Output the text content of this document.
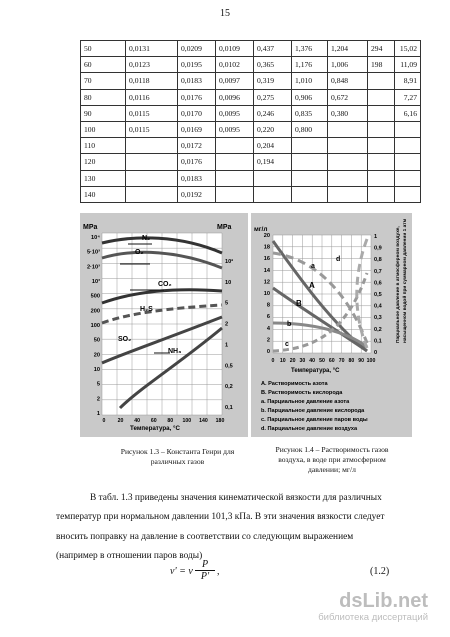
15
50	0,0131	0,0209	0,0109	0,437	1,376	1,204	294	15,02
60	0,0123	0,0195	0,0102	0,365	1,176	1,006	198	11,09
70	0,0118	0,0183	0,0097	0,319	1,010	0,848		8,91
80	0,0116	0,0176	0,0096	0,275	0,906	0,672		7,27
90	0,0115	0,0170	0,0095	0,246	0,835	0,380		6,16
100	0,0115	0,0169	0,0095	0,220	0,800			
110		0,0172		0,204				
120		0,0176		0,194				
130		0,0183						
140		0,0192						
MPa	MPa
10⁴
5·10³
2·10³
10³
500
200
100
50
20
10
5
2
1
10²
10
5
2
1
0,5
0,2
0,1
0 20 40 60 80 100 140 180
N₂
O₂
CO₂
H₂S
SO₂
NH₃
Температура, °C
мг/л
20
18
16
14
12
10
8
6
4
2
0
1
0,9
0,8
0,7
0,6
0,5
0,4
0,3
0,2
0,1
0
0 10 20 30 40 50 60 70 80 90 100
a
A
B
b
c
d
Температура, °C
Парциальное давление в атмосферном воздухе, насыщенном водой при суммарном давлении 1 атм
A. Растворимость азота
B. Растворимость кислорода
a. Парциальное давление азота
b. Парциальное давление кислорода
c. Парциальное давление паров воды
d. Парциальное давление воздуха
Рисунок 1.3 – Константа Генри для
различных газов
Рисунок 1.4 – Растворимость газов
воздуха, в воде при атмосферном
давлении; мг/л
В табл. 1.3 приведены значения кинематической вязкости для различных
температур при нормальном давлении 101,3 кПа. В эти значения вязкости следует
вносить поправку на давление в соответствии со следующим выражением
(например в отношении паров воды)
ν' = ν $\frac{P}{P'}$ ,	(1.2)
dsLib.net
библиотека диссертаций
